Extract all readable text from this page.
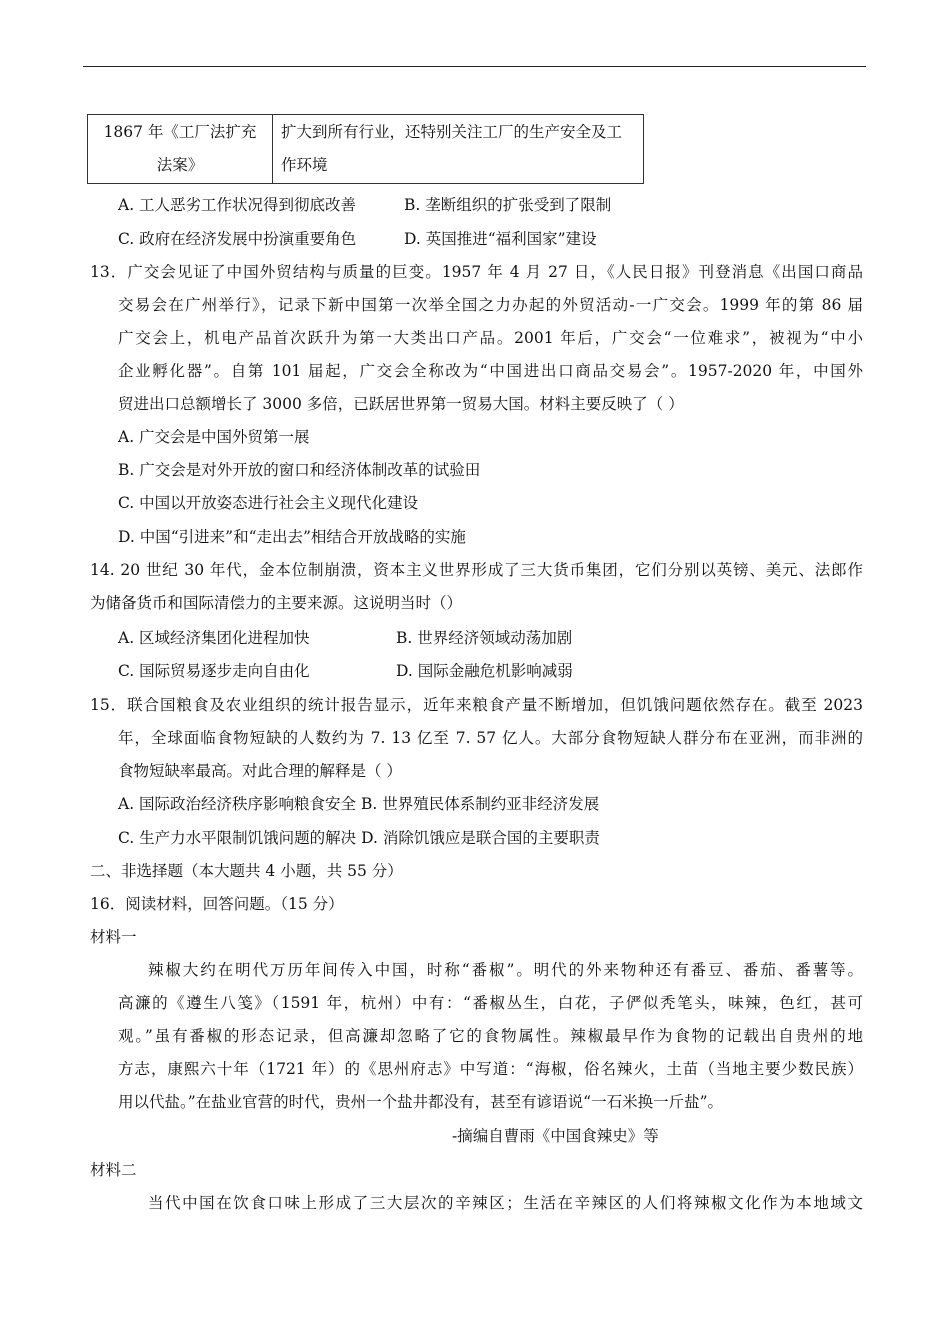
1867 年《工厂法扩充法案》	扩大到所有行业，还特别关注工厂的生产安全及工作环境
A. 工人恶劣工作状况得到彻底改善	B. 垄断组织的扩张受到了限制
C. 政府在经济发展中扮演重要角色	D. 英国推进“福利国家”建设
13．广交会见证了中国外贸结构与质量的巨变。1957 年 4 月 27 日，《人民日报》刊登消息《出国口商品
交易会在广州举行》，记录下新中国第一次举全国之力办起的外贸活动-一广交会。1999 年的第 86 届
广交会上，机电产品首次跃升为第一大类出口产品。2001 年后，广交会“一位难求”，被视为“中小
企业孵化器”。自第 101 届起，广交会全称改为“中国进出口商品交易会”。1957-2020 年，中国外
贸进出口总额增长了 3000 多倍，已跃居世界第一贸易大国。材料主要反映了（ ）
A. 广交会是中国外贸第一展
B. 广交会是对外开放的窗口和经济体制改革的试验田
C. 中国以开放姿态进行社会主义现代化建设
D. 中国“引进来”和“走出去”相结合开放战略的实施
14. 20 世纪 30 年代，金本位制崩溃，资本主义世界形成了三大货币集团，它们分别以英镑、美元、法郎作
为储备货币和国际清偿力的主要来源。这说明当时（）
A. 区域经济集团化进程加快	B. 世界经济领域动荡加剧
C. 国际贸易逐步走向自由化	D. 国际金融危机影响减弱
15．联合国粮食及农业组织的统计报告显示，近年来粮食产量不断增加，但饥饿问题依然存在。截至 2023
年，全球面临食物短缺的人数约为 7. 13 亿至 7. 57 亿人。大部分食物短缺人群分布在亚洲，而非洲的
食物短缺率最高。对此合理的解释是（ ）
A. 国际政治经济秩序影响粮食安全 B. 世界殖民体系制约亚非经济发展
C. 生产力水平限制饥饿问题的解决 D. 消除饥饿应是联合国的主要职责
二、非选择题（本大题共 4 小题，共 55 分）
16．阅读材料，回答问题。（15 分）
材料一
辣椒大约在明代万历年间传入中国，时称“番椒”。明代的外来物种还有番豆、番茄、番薯等。
高濂的《遵生八笺》（1591 年，杭州）中有：“番椒丛生，白花，子俨似秃笔头，味辣，色红，甚可
观。”虽有番椒的形态记录，但高濂却忽略了它的食物属性。辣椒最早作为食物的记载出自贵州的地
方志，康熙六十年（1721 年）的《思州府志》中写道：“海椒，俗名辣火，土苗（当地主要少数民族）
用以代盐。”在盐业官营的时代，贵州一个盐井都没有，甚至有谚语说“一石米换一斤盐”。
-摘编自曹雨《中国食辣史》等
材料二
当代中国在饮食口味上形成了三大层次的辛辣区；生活在辛辣区的人们将辣椒文化作为本地域文
